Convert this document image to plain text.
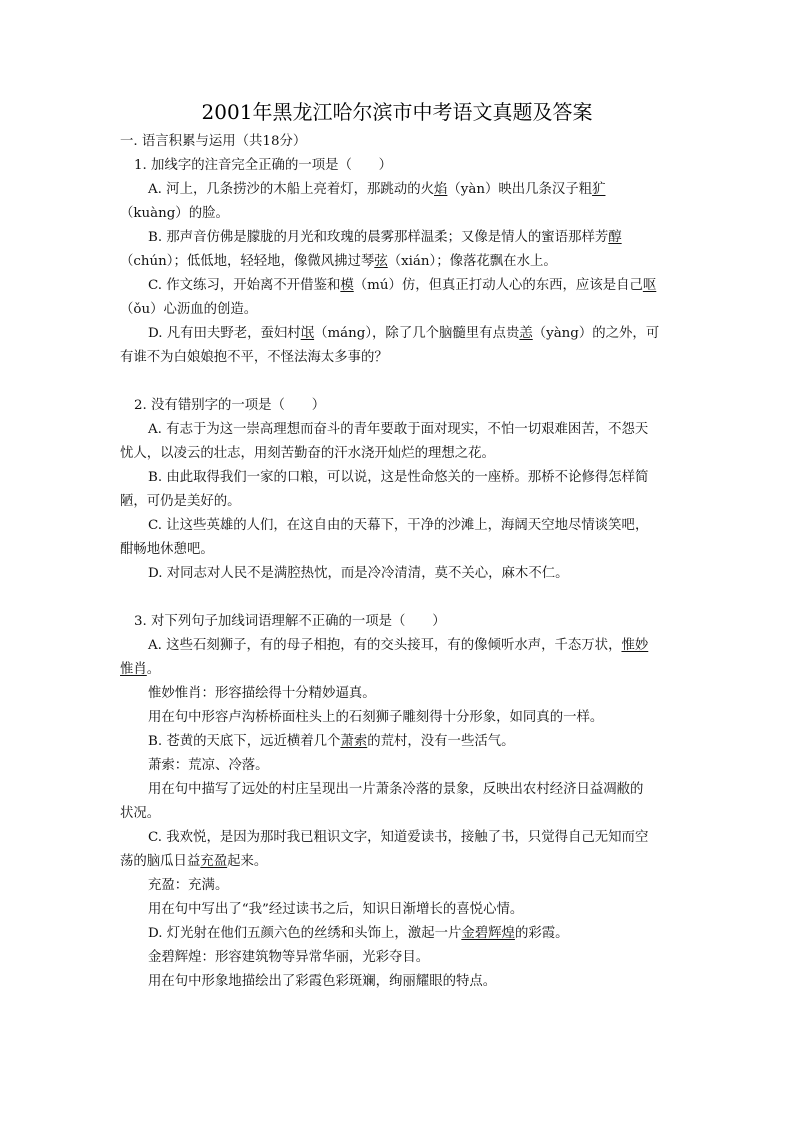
2001年黑龙江哈尔滨市中考语文真题及答案
一. 语言积累与运用（共18分）
1. 加线字的注音完全正确的一项是（　　）
A. 河上，几条捞沙的木船上亮着灯，那跳动的火焰（yàn）映出几条汉子粗犷
（kuàng）的脸。
B. 那声音仿佛是朦胧的月光和玫瑰的晨雾那样温柔；又像是情人的蜜语那样芳醇
（chún）；低低地，轻轻地，像微风拂过琴弦（xián）；像落花飘在水上。
C. 作文练习，开始离不开借鉴和模（mú）仿，但真正打动人心的东西，应该是自己呕
（ǒu）心沥血的创造。
D. 凡有田夫野老，蚕妇村氓（máng），除了几个脑髓里有点贵恙（yàng）的之外，可
有谁不为白娘娘抱不平，不怪法海太多事的？
2. 没有错别字的一项是（　　）
A. 有志于为这一崇高理想而奋斗的青年要敢于面对现实，不怕一切艰难困苦，不怨天
忧人，以凌云的壮志，用刻苦勤奋的汗水浇开灿烂的理想之花。
B. 由此取得我们一家的口粮，可以说，这是性命悠关的一座桥。那桥不论修得怎样简
陋，可仍是美好的。
C. 让这些英雄的人们，在这自由的天幕下，干净的沙滩上，海阔天空地尽情谈笑吧，
酣畅地休憩吧。
D. 对同志对人民不是满腔热忱，而是冷冷清清，莫不关心，麻木不仁。
3. 对下列句子加线词语理解不正确的一项是（　　）
A. 这些石刻狮子，有的母子相抱，有的交头接耳，有的像倾听水声，千态万状，惟妙
惟肖。
惟妙惟肖：形容描绘得十分精妙逼真。
用在句中形容卢沟桥桥面柱头上的石刻狮子雕刻得十分形象，如同真的一样。
B. 苍黄的天底下，远近横着几个萧索的荒村，没有一些活气。
萧索：荒凉、冷落。
用在句中描写了远处的村庄呈现出一片萧条冷落的景象，反映出农村经济日益凋敝的
状况。
C. 我欢悦，是因为那时我已粗识文字，知道爱读书，接触了书，只觉得自己无知而空
荡的脑瓜日益充盈起来。
充盈：充满。
用在句中写出了“我”经过读书之后，知识日渐增长的喜悦心情。
D. 灯光射在他们五颜六色的丝绣和头饰上，激起一片金碧辉煌的彩霞。
金碧辉煌：形容建筑物等异常华丽，光彩夺目。
用在句中形象地描绘出了彩霞色彩斑斓，绚丽耀眼的特点。
